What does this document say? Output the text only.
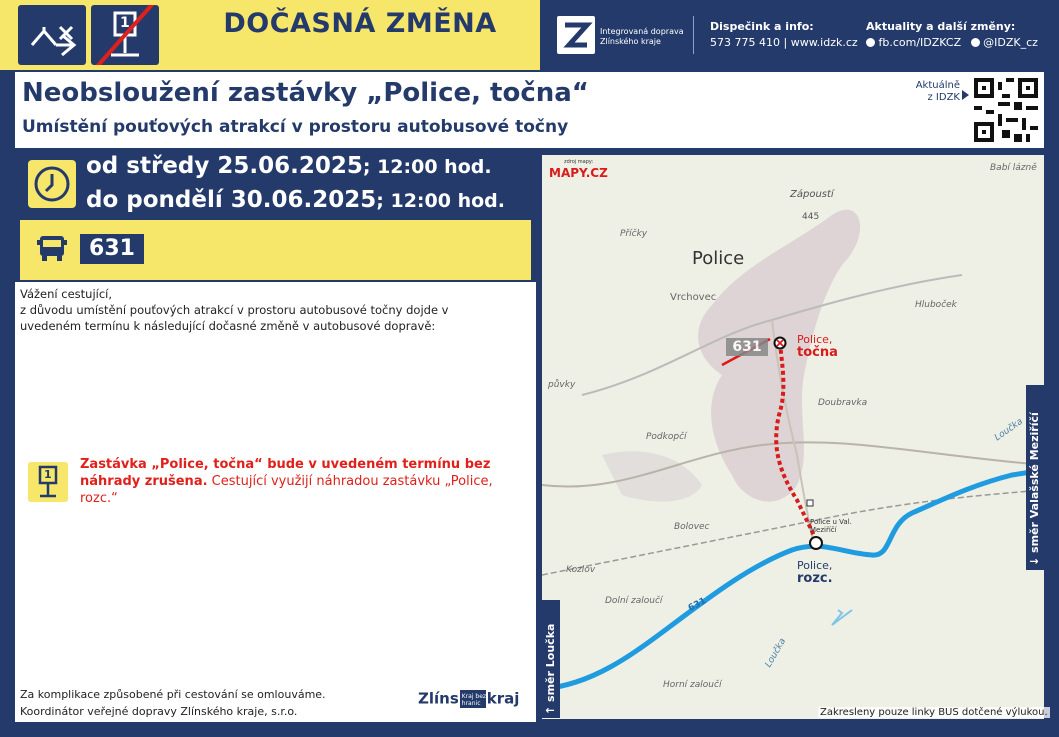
1	DOČASNÁ ZMĚNA	Integrovaná doprava
Zlínského kraje
Dispečink a info:
573 775 410 | www.idzk.cz
Aktuality a další změny:
fb.com/IDZKCZ @IDZK_cz
Neobsloužení zastávky „Police, točna“
Umístění pouťových atrakcí v prostoru autobusové točny
Aktuálně
z IDZK
od středy 25.06.2025; 12:00 hod.
do pondělí 30.06.2025; 12:00 hod.
631
Vážení cestující,
z důvodu umístění pouťových atrakcí v prostoru autobusové točny dojde v
uvedeném termínu k následující dočasné změně v autobusové dopravě:
1
Zastávka „Police, točna“ bude v uvedeném termínu bez náhrady zrušena. Cestující využijí náhradou zastávku „Police, rozc.“
Za komplikace způsobené při cestování se omlouváme.
Koordinátor veřejné dopravy Zlínského kraje, s.r.o.
Zlíns Kraj bez
hranic kraj
zdroj mapy:
MAPY.CZ
Police
Zápoustí
445
Babí lázně
Příčky
Vrchovec
Hluboček
Doubravka
Podkopčí
Bolovec
Kozlov
Dolní zaloučí
Horní zaloučí
Loučka
Loučka
půvky
Police u Val. Meziříčí
Police,
točna
Police,
rozc.
631
631
↑ směr Loučka
↓ směr Valašské Meziříčí
Zakresleny pouze linky BUS dotčené výlukou.
